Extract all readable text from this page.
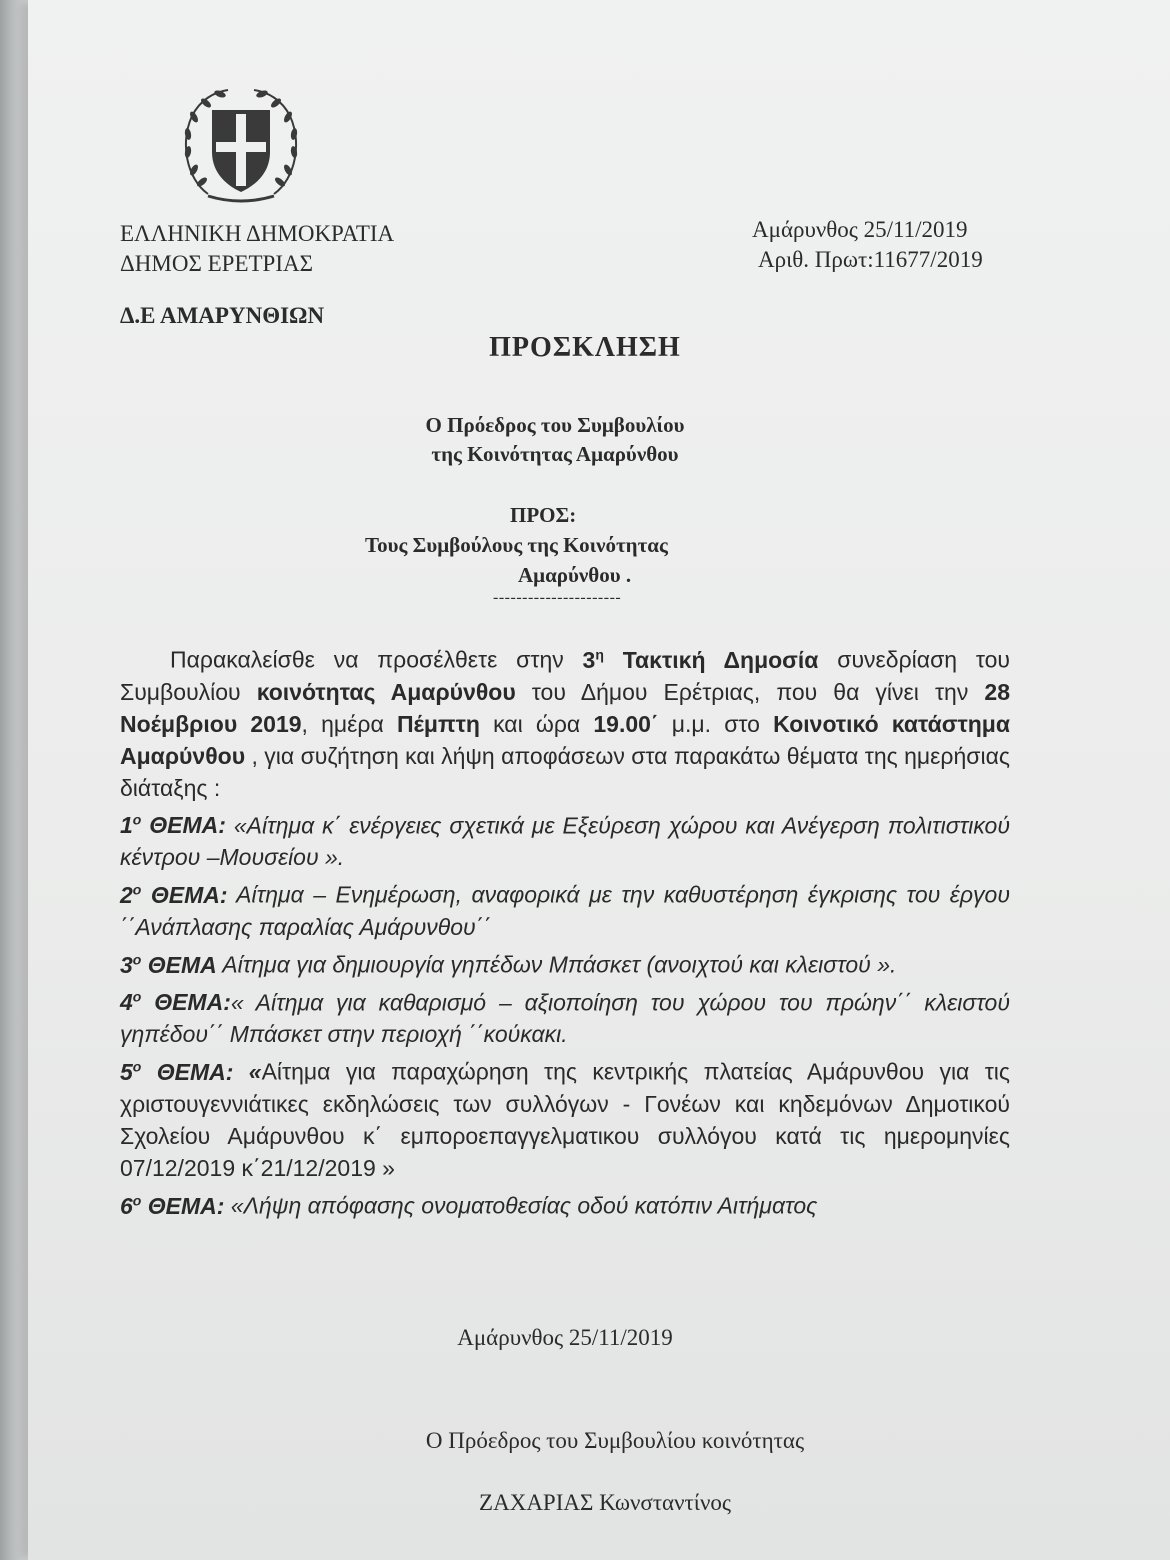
ΕΛΛΗΝΙΚΗ ΔΗΜΟΚΡΑΤΙΑ
ΔΗΜΟΣ ΕΡΕΤΡΙΑΣ
Δ.Ε ΑΜΑΡΥΝΘΙΩΝ
Αμάρυνθος 25/11/2019
Αριθ. Πρωτ:11677/2019
ΠΡΟΣΚΛΗΣΗ
Ο Πρόεδρος του Συμβουλίου
της Κοινότητας Αμαρύνθου
ΠΡΟΣ:
Τους Συμβούλους της Κοινότητας
Αμαρύνθου .
----------------------

Παρακαλείσθε να προσέλθετε στην $3^\eta$ Τακτική Δημοσία συνεδρίαση του Συμβουλίου κοινότητας Αμαρύνθου του Δήμου Ερέτριας, που θα γίνει την 28 Νοέμβριου 2019, ημέρα Πέμπτη και ώρα 19.00΄ μ.μ. στο Κοινοτικό κατάστημα Αμαρύνθου , για συζήτηση και λήψη αποφάσεων στα παρακάτω θέματα της ημερήσιας διάταξης :

$1^o$ ΘΕΜΑ: «Αίτημα κ΄ ενέργειες σχετικά με Εξεύρεση χώρου και Ανέγερση πολιτιστικού κέντρου –Μουσείου ».

$2^o$ ΘΕΜΑ: Αίτημα – Ενημέρωση, αναφορικά με την καθυστέρηση έγκρισης του έργου ΄΄Ανάπλασης παραλίας Αμάρυνθου΄΄

$3^o$ ΘΕΜΑ Αίτημα για δημιουργία γηπέδων Μπάσκετ (ανοιχτού και κλειστού ».

$4^o$ ΘΕΜΑ:« Αίτημα για καθαρισμό – αξιοποίηση του χώρου του πρώην΄΄ κλειστού γηπέδου΄΄ Μπάσκετ στην περιοχή ΄΄κούκακι.

$5^o$ ΘΕΜΑ: «Αίτημα για παραχώρηση της κεντρικής πλατείας Αμάρυνθου για τις χριστουγεννιάτικες εκδηλώσεις των συλλόγων - Γονέων και κηδεμόνων Δημοτικού Σχολείου Αμάρυνθου κ΄ εμποροεπαγγελματικου συλλόγου κατά τις ημερομηνίες 07/12/2019 κ΄21/12/2019 »

$6^o$ ΘΕΜΑ: «Λήψη απόφασης ονοματοθεσίας οδού κατόπιν Αιτήματος

Αμάρυνθος 25/11/2019
Ο Πρόεδρος του Συμβουλίου κοινότητας
ΖΑΧΑΡΙΑΣ Κωνσταντίνος
